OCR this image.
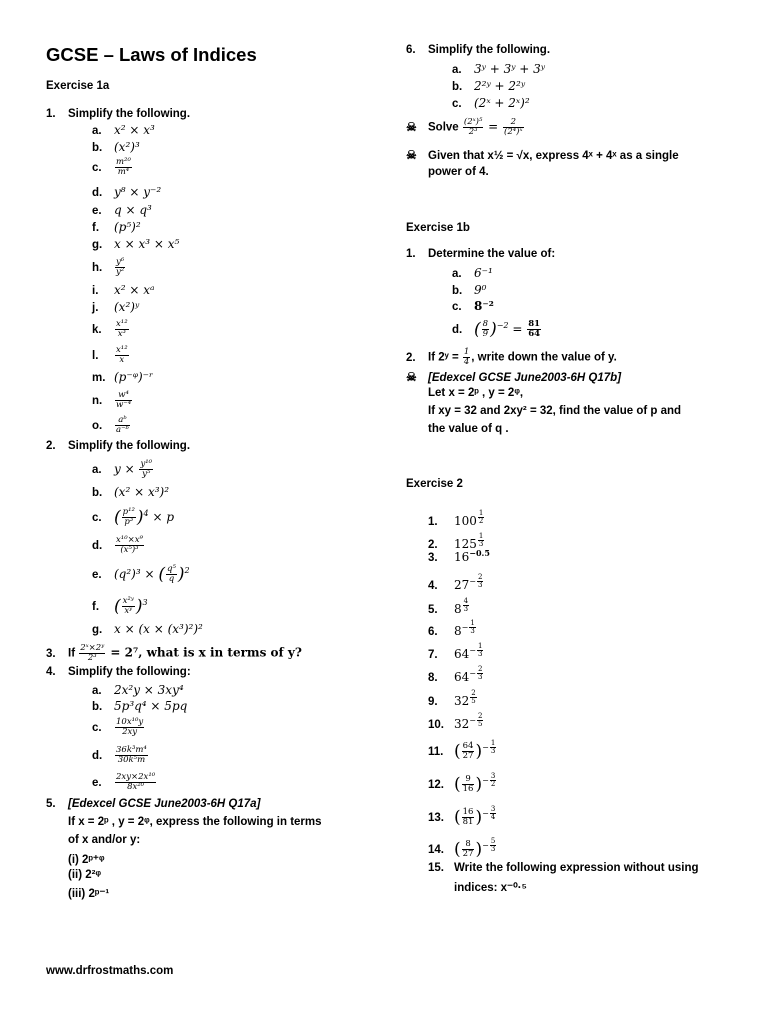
GCSE – Laws of Indices
Exercise 1a
1. Simplify the following.
a. x² × x³
b. (x²)³
c. $\frac{\text{m²⁰}}{\text{m⁴}}$
d. y⁸ × y⁻²
e. q × q³
f. (p⁵)²
g. x × x³ × x⁵
h. $\frac{\text{y⁶}}{\text{y²}}$
i. x² × xᵃ
j. (x²)ʸ
k. $\frac{\text{x¹²}}{\text{x³}}$
l. $\frac{\text{x¹²}}{x}$
m. (p⁻ᵠ)⁻ʳ
n. $\frac{\text{w⁴}}{\text{w⁻⁴}}$
o. $\frac{\text{aᵇ}}{\text{a⁻ᵇ}}$
2. Simplify the following.
a. $y \times \frac{\text{y¹⁰}}{\text{y⁵}}$
b. (x² × x³)²
c. ( $\frac{\text{p¹²}}{\text{p³}} )^4 \times p$
d. $\frac{\text{x¹⁰×x⁹}}{\text{(x⁵)³}}$
e. (q²)³ × ( $\frac{\text{q⁵}}{q} )^2$
f. ( $\frac{\text{x²ʸ}}{\text{xʸ}} )^3$
g. x × (x × (x³)²)²
3. If $\frac{\text{2ˣ×2ʸ}}{\text{2³}} = 2^7$, what is x in terms of y?
4. Simplify the following:
a. 2x²y × 3xy⁴
b. 5p³q⁴ × 5pq
c. $\frac{\text{10x¹⁰y}}{2xy}$
d. $\frac{\text{36k³m⁴}}{\text{30k⁵m}}$
e. $\frac{\text{2xy×2x¹⁰}}{\text{8x²⁰}}$
5. [Edexcel GCSE June2003-6H Q17a]
If x = 2ᵖ , y = 2ᵠ, express the following in terms
of x and/or y:
(i) 2ᵖ⁺ᵠ
(ii) 2²ᵠ
(iii) 2ᵖ⁻¹
6. Simplify the following.
a. 3ʸ + 3ʸ + 3ʸ
b. 2²ʸ + 2²ʸ
c. (2ˣ + 2ˣ)²
☠ Solve $\frac{\text{(2ˣ)⁵}}{\text{2³}} = \frac{2}{\text{(2⁴)ˣ}}$
☠ Given that x½ = √x, express 4ˣ + 4ˣ as a single
power of 4.
Exercise 1b
1. Determine the value of:
a. 6⁻¹
b. 9⁰
c. 8⁻²
d. ( $\frac{8}{9} )^{-2} = \frac{81}{64}$
2. If 2ʸ = $\frac{1}{4}$ , write down the value of y.
☠ [Edexcel GCSE June2003-6H Q17b]
Let x = 2ᵖ , y = 2ᵠ,
If xy = 32 and 2xy² = 32, find the value of p and
the value of q .
Exercise 2
1. 100 $^{\frac{1}{2}}$
2. 125 $^{\frac{1}{3}}$
3. $16^{-0.5}$
4. $27^{- \frac{2}{3}}$
5. 8 $^{\frac{4}{3}}$
6. $8^{- \frac{1}{3}}$
7. $64^{- \frac{1}{3}}$
8. $64^{- \frac{2}{3}}$
9. 32 $^{\frac{2}{5}}$
10. $32^{- \frac{2}{5}}$
11. ( $\frac{64}{27} )^{- \frac{1}{3}}$
12. ( $\frac{9}{16} )^{- \frac{3}{2}}$
13. ( $\frac{16}{81} )^{- \frac{3}{4}}$
14. ( $\frac{8}{27} )^{- \frac{5}{3}}$
15. Write the following expression without using
indices: x⁻⁰·⁵
www.drfrostmaths.com
